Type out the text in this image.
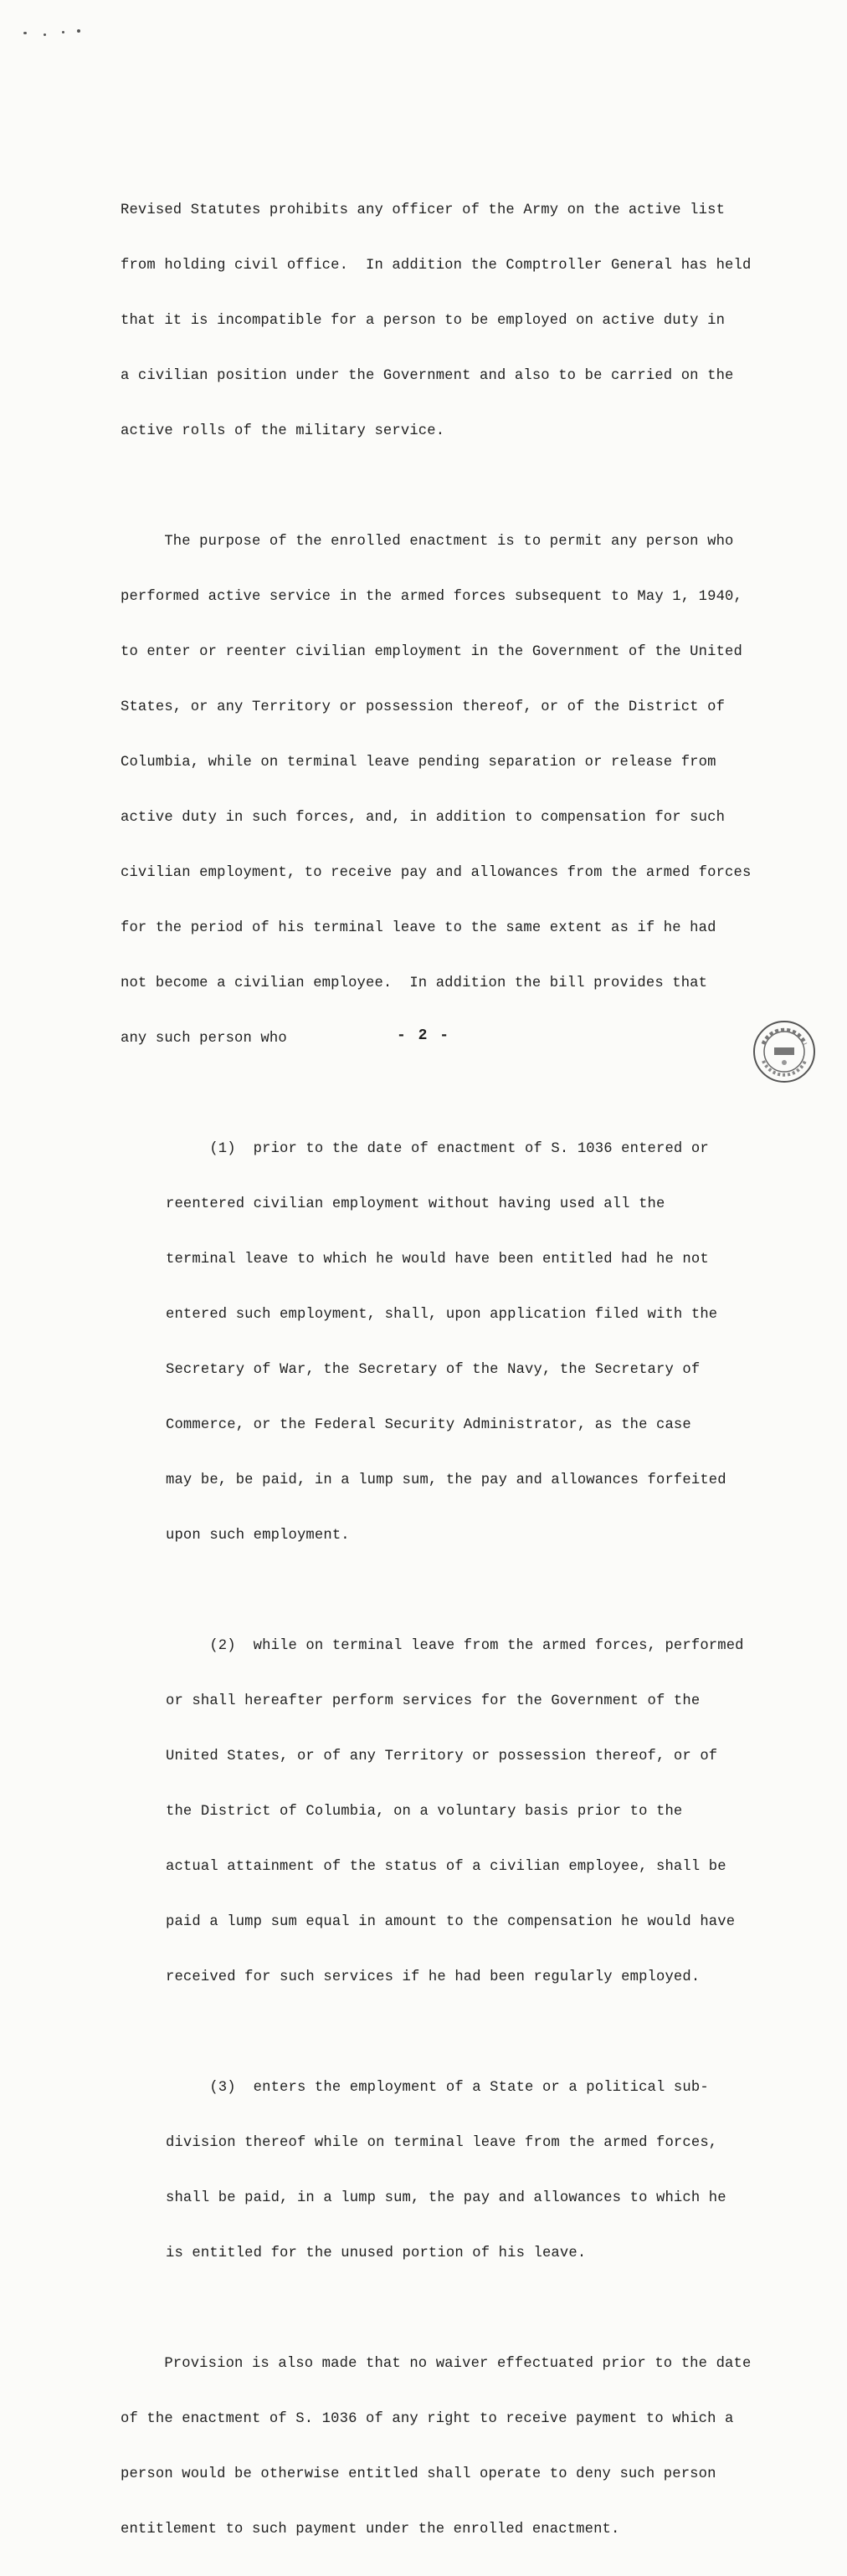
Revised Statutes prohibits any officer of the Army on the active list

from holding civil office.  In addition the Comptroller General has held

that it is incompatible for a person to be employed on active duty in

a civilian position under the Government and also to be carried on the

active rolls of the military service.

The purpose of the enrolled enactment is to permit any person who

performed active service in the armed forces subsequent to May 1, 1940,

to enter or reenter civilian employment in the Government of the United

States, or any Territory or possession thereof, or of the District of

Columbia, while on terminal leave pending separation or release from

active duty in such forces, and, in addition to compensation for such

civilian employment, to receive pay and allowances from the armed forces

for the period of his terminal leave to the same extent as if he had

not become a civilian employee.  In addition the bill provides that

any such person who

(1)  prior to the date of enactment of S. 1036 entered or

reentered civilian employment without having used all the

terminal leave to which he would have been entitled had he not

entered such employment, shall, upon application filed with the

Secretary of War, the Secretary of the Navy, the Secretary of

Commerce, or the Federal Security Administrator, as the case

may be, be paid, in a lump sum, the pay and allowances forfeited

upon such employment.

(2)  while on terminal leave from the armed forces, performed

or shall hereafter perform services for the Government of the

United States, or of any Territory or possession thereof, or of

the District of Columbia, on a voluntary basis prior to the

actual attainment of the status of a civilian employee, shall be

paid a lump sum equal in amount to the compensation he would have

received for such services if he had been regularly employed.

(3)  enters the employment of a State or a political sub-

division thereof while on terminal leave from the armed forces,

shall be paid, in a lump sum, the pay and allowances to which he

is entitled for the unused portion of his leave.

Provision is also made that no waiver effectuated prior to the date

of the enactment of S. 1036 of any right to receive payment to which a

person would be otherwise entitled shall operate to deny such person

entitlement to such payment under the enrolled enactment.

- 2 -
